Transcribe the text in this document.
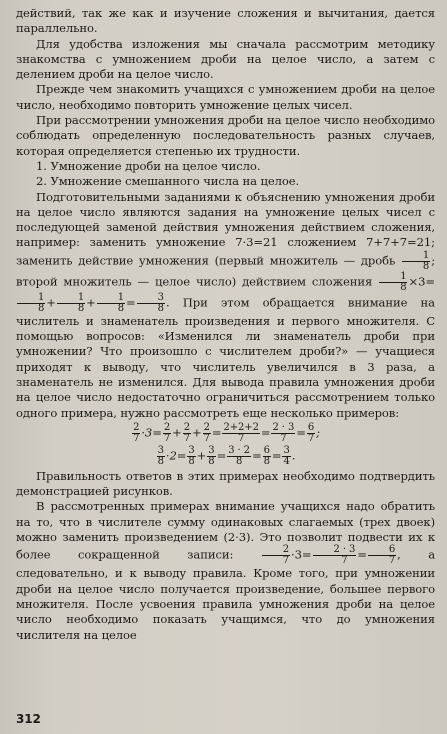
действий, так же как и изучение сложения и вычитания, дается параллельно.

Для удобства изложения мы сначала рассмотрим методику знакомства с умножением дроби на целое число, а затем с делением дроби на целое число.

Прежде чем знакомить учащихся с умножением дроби на целое число, необходимо повторить умножение целых чисел.

При рассмотрении умножения дроби на целое число необходимо соблюдать определенную последовательность разных случаев, которая определяется степенью их трудности.

1. Умножение дроби на целое число.
2. Умножение смешанного числа на целое.

Подготовительными заданиями к объяснению умножения дроби на целое число являются задания на умножение целых чисел с последующей заменой действия умножения действием сложения, например: заменить умножение 7·3=21 сложением 7+7+7=21; заменить действие умножения (первый множитель — дробь $\frac{1}{8}$ ; второй множитель — целое число) действием сложения $\frac{1}{8} \times 3=$
$\frac{1}{8} + \frac{1}{8} + \frac{1}{8} = \frac{3}{8}$ . При этом обращается внимание на числитель и знаменатель произведения и первого множителя. С помощью вопросов: «Изменился ли знаменатель дроби при умножении? Что произошло с числителем дроби?» — учащиеся приходят к выводу, что числитель увеличился в 3 раза, а знаменатель не изменился. Для вывода правила умножения дроби на целое число недостаточно ограничиться рассмотрением только одного примера, нужно рассмотреть еще несколько примеров:

$\frac{2}{7} \cdot 3= \frac{2}{7} + \frac{2}{7} + \frac{2}{7} = \frac{2+2+2}{7} = \frac{2 \cdot 3}{7} = \frac{6}{7}$ ;
$\frac{3}{8} \cdot 2= \frac{3}{8} + \frac{3}{8} = \frac{3 \cdot 2}{8} = \frac{6}{8} = \frac{3}{4}$ .

Правильность ответов в этих примерах необходимо подтвердить демонстрацией рисунков.

В рассмотренных примерах внимание учащихся надо обратить на то, что в числителе сумму одинаковых слагаемых (трех двоек) можно заменить произведением (2·3). Это позволит подвести их к более сокращенной записи:	$\frac{2}{7} \cdot 3= \frac{2 \cdot 3}{7} = \frac{6}{7}$ , а следовательно, и к выводу правила. Кроме того, при умножении дроби на целое число получается произведение, большее первого множителя. После усвоения правила умножения дроби на целое число необходимо показать учащимся, что до умножения числителя на целое

312
